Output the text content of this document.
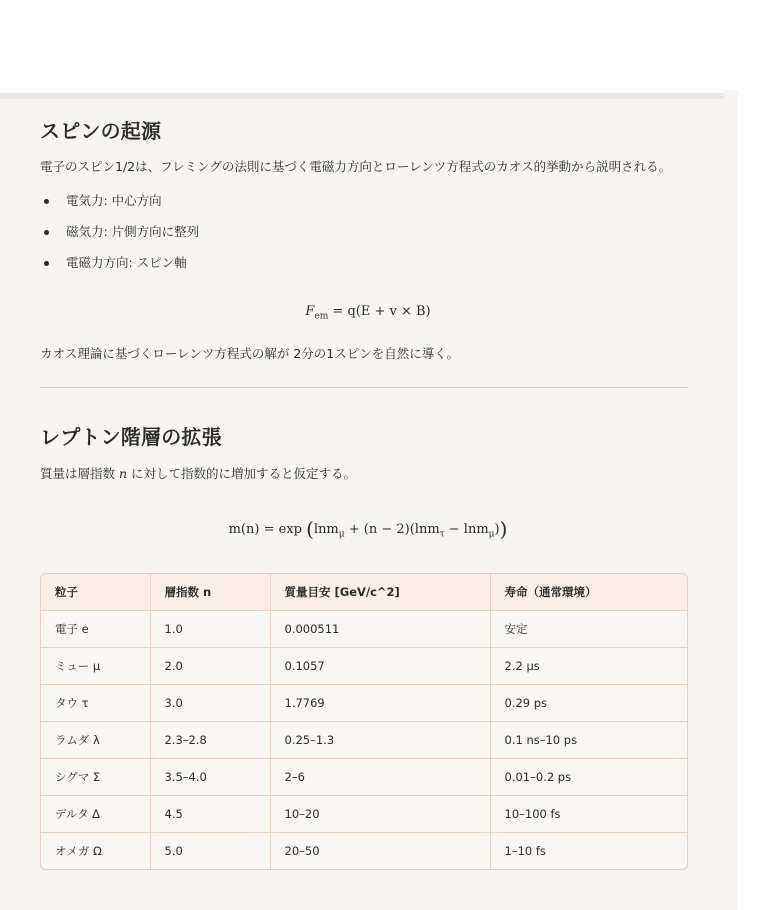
スピンの起源

電子のスピン1/2は、フレミングの法則に基づく電磁力方向とローレンツ方程式のカオス的挙動から説明される。

電気力: 中心方向
磁気力: 片側方向に整列
電磁力方向: スピン軸
$F_{em} = q(E + v \times B)$

カオス理論に基づくローレンツ方程式の解が 2分の1スピンを自然に導く。

レプトン階層の拡張

質量は層指数 n に対して指数的に増加すると仮定する。

m(n) = exp (lnm$_\mu$ + (n − 2)(lnm$_\tau$ − lnm$_\mu$))
粒子	層指数 n	質量目安 [GeV/c^2]	寿命（通常環境）
電子 e	1.0	0.000511	安定
ミュー μ	2.0	0.1057	2.2 μs
タウ τ	3.0	1.7769	0.29 ps
ラムダ λ	2.3–2.8	0.25–1.3	0.1 ns–10 ps
シグマ Σ	3.5–4.0	2–6	0.01–0.2 ps
デルタ Δ	4.5	10–20	10–100 fs
オメガ Ω	5.0	20–50	1–10 fs
